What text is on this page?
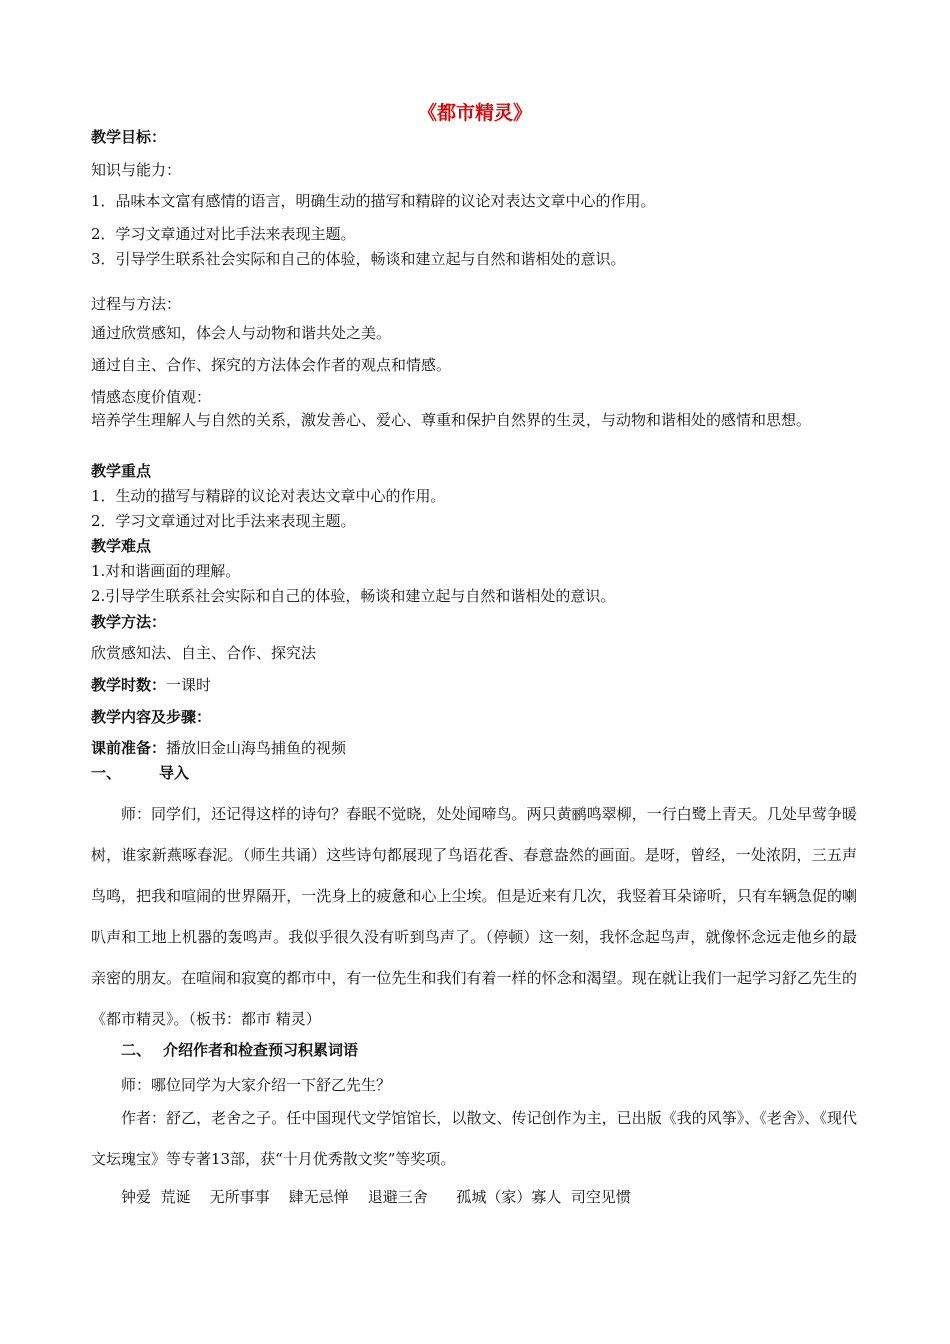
《都市精灵》
教学目标：
知识与能力：
1．品味本文富有感情的语言，明确生动的描写和精辟的议论对表达文章中心的作用。
2．学习文章通过对比手法来表现主题。
3．引导学生联系社会实际和自己的体验，畅谈和建立起与自然和谐相处的意识。
过程与方法：
通过欣赏感知，体会人与动物和谐共处之美。
通过自主、合作、探究的方法体会作者的观点和情感。
情感态度价值观：
培养学生理解人与自然的关系，激发善心、爱心、尊重和保护自然界的生灵，与动物和谐相处的感情和思想。
教学重点
1．生动的描写与精辟的议论对表达文章中心的作用。
2．学习文章通过对比手法来表现主题。
教学难点
1.对和谐画面的理解。
2.引导学生联系社会实际和自己的体验，畅谈和建立起与自然和谐相处的意识。
教学方法：
欣赏感知法、自主、合作、探究法
教学时数：一课时
教学内容及步骤：
课前准备：播放旧金山海鸟捕鱼的视频
一、	导入
师：同学们，还记得这样的诗句？春眠不觉晓，处处闻啼鸟。两只黄鹂鸣翠柳，一行白鹭上青天。几处早莺争暖树，谁家新燕啄春泥。（师生共诵）这些诗句都展现了鸟语花香、春意盎然的画面。是呀，曾经，一处浓阴，三五声鸟鸣，把我和喧闹的世界隔开，一洗身上的疲惫和心上尘埃。但是近来有几次，我竖着耳朵谛听，只有车辆急促的喇叭声和工地上机器的轰鸣声。我似乎很久没有听到鸟声了。（停顿）这一刻，我怀念起鸟声，就像怀念远走他乡的最亲密的朋友。在喧闹和寂寞的都市中，有一位先生和我们有着一样的怀念和渴望。现在就让我们一起学习舒乙先生的《都市精灵》。（板书：都市 精灵）
二、 介绍作者和检查预习积累词语
师：哪位同学为大家介绍一下舒乙先生？
作者：舒乙，老舍之子。任中国现代文学馆馆长，以散文、传记创作为主，已出版《我的风筝》、《老舍》、《现代文坛瑰宝》等专著13部，获“十月优秀散文奖”等奖项。
钟爱  荒诞    无所事事    肆无忌惮    退避三舍      孤城（家）寡人  司空见惯
